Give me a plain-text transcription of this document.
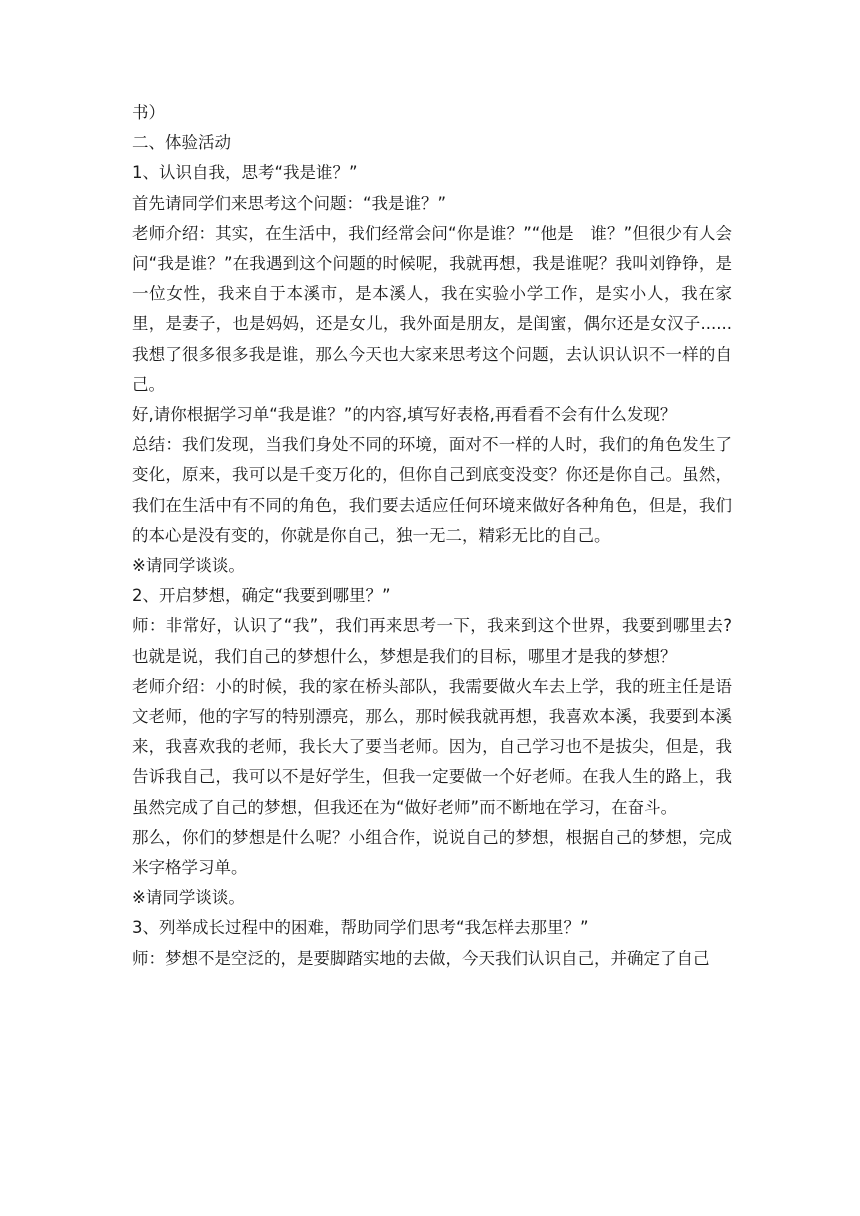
书）

二、体验活动

1、认识自我，思考“我是谁？”

首先请同学们来思考这个问题：“我是谁？”

老师介绍：其实，在生活中，我们经常会问“你是谁？”“他是　谁？”但很少有人会问“我是谁？”在我遇到这个问题的时候呢，我就再想，我是谁呢？我叫刘铮铮，是一位女性，我来自于本溪市，是本溪人，我在实验小学工作，是实小人，我在家里，是妻子，也是妈妈，还是女儿，我外面是朋友，是闺蜜，偶尔还是女汉子......我想了很多很多我是谁，那么今天也大家来思考这个问题，去认识认识不一样的自己。

好,请你根据学习单“我是谁？”的内容,填写好表格,再看看不会有什么发现？

总结：我们发现，当我们身处不同的环境，面对不一样的人时，我们的角色发生了变化，原来，我可以是千变万化的，但你自己到底变没变？你还是你自己。虽然，我们在生活中有不同的角色，我们要去适应任何环境来做好各种角色，但是，我们的本心是没有变的，你就是你自己，独一无二，精彩无比的自己。

※请同学谈谈。

2、开启梦想，确定“我要到哪里？”

师：非常好，认识了“我”，我们再来思考一下，我来到这个世界，我要到哪里去?也就是说，我们自己的梦想什么，梦想是我们的目标，哪里才是我的梦想？

老师介绍：小的时候，我的家在桥头部队，我需要做火车去上学，我的班主任是语文老师，他的字写的特别漂亮，那么，那时候我就再想，我喜欢本溪，我要到本溪来，我喜欢我的老师，我长大了要当老师。因为，自己学习也不是拔尖，但是，我告诉我自己，我可以不是好学生，但我一定要做一个好老师。在我人生的路上，我虽然完成了自己的梦想，但我还在为“做好老师”而不断地在学习，在奋斗。

那么，你们的梦想是什么呢？小组合作，说说自己的梦想，根据自己的梦想，完成米字格学习单。

※请同学谈谈。

3、列举成长过程中的困难，帮助同学们思考“我怎样去那里？”

师：梦想不是空泛的，是要脚踏实地的去做，今天我们认识自己，并确定了自己
